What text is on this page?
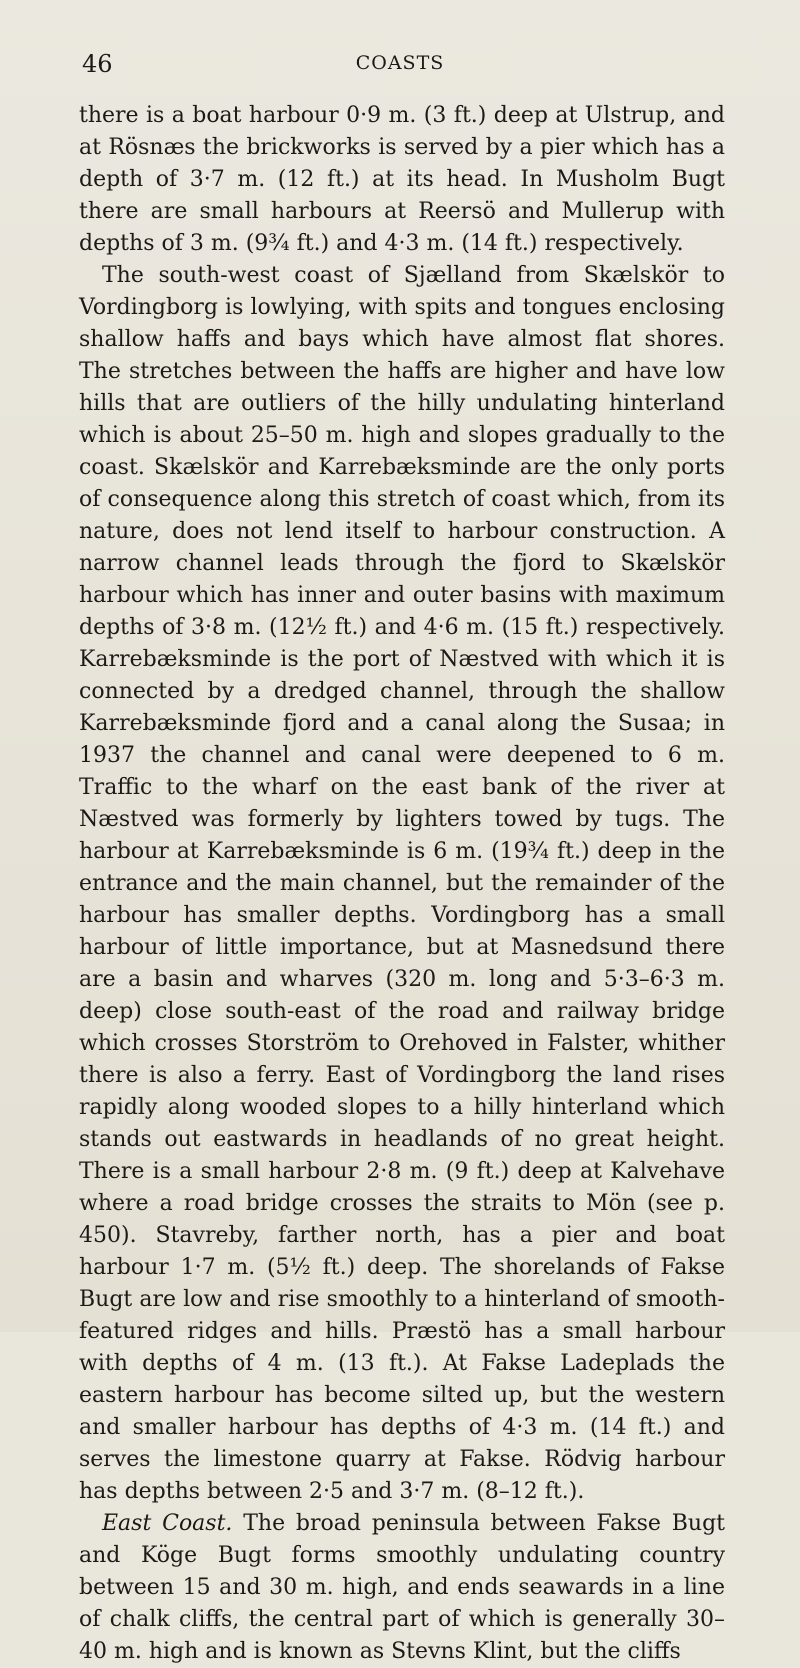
46	COASTS

there is a boat harbour 0·9 m. (3 ft.) deep at Ulstrup, and at Rösnæs the brickworks is served by a pier which has a depth of 3·7 m. (12 ft.) at its head. In Musholm Bugt there are small harbours at Reersö and Mullerup with depths of 3 m. (9¾ ft.) and 4·3 m. (14 ft.) respectively.

The south-west coast of Sjælland from Skælskör to Vordingborg is lowlying, with spits and tongues enclosing shallow haffs and bays which have almost flat shores. The stretches between the haffs are higher and have low hills that are outliers of the hilly undulating hinterland which is about 25–50 m. high and slopes gradually to the coast. Skælskör and Karrebæksminde are the only ports of consequence along this stretch of coast which, from its nature, does not lend itself to harbour construction. A narrow channel leads through the fjord to Skælskör harbour which has inner and outer basins with maximum depths of 3·8 m. (12½ ft.) and 4·6 m. (15 ft.) respectively. Karrebæksminde is the port of Næstved with which it is connected by a dredged channel, through the shallow Karrebæksminde fjord and a canal along the Susaa; in 1937 the channel and canal were deepened to 6 m. Traffic to the wharf on the east bank of the river at Næstved was formerly by lighters towed by tugs. The harbour at Karrebæksminde is 6 m. (19¾ ft.) deep in the entrance and the main channel, but the remainder of the harbour has smaller depths. Vordingborg has a small harbour of little importance, but at Masnedsund there are a basin and wharves (320 m. long and 5·3–6·3 m. deep) close south-east of the road and railway bridge which crosses Storström to Orehoved in Falster, whither there is also a ferry. East of Vordingborg the land rises rapidly along wooded slopes to a hilly hinterland which stands out eastwards in headlands of no great height. There is a small harbour 2·8 m. (9 ft.) deep at Kalvehave where a road bridge crosses the straits to Mön (see p. 450). Stavreby, farther north, has a pier and boat harbour 1·7 m. (5½ ft.) deep. The shorelands of Fakse Bugt are low and rise smoothly to a hinterland of smooth-featured ridges and hills. Præstö has a small harbour with depths of 4 m. (13 ft.). At Fakse Ladeplads the eastern harbour has become silted up, but the western and smaller harbour has depths of 4·3 m. (14 ft.) and serves the limestone quarry at Fakse. Rödvig harbour has depths between 2·5 and 3·7 m. (8–12 ft.).

East Coast. The broad peninsula between Fakse Bugt and Köge Bugt forms smoothly undulating country between 15 and 30 m. high, and ends seawards in a line of chalk cliffs, the central part of which is generally 30–40 m. high and is known as Stevns Klint, but the cliffs
